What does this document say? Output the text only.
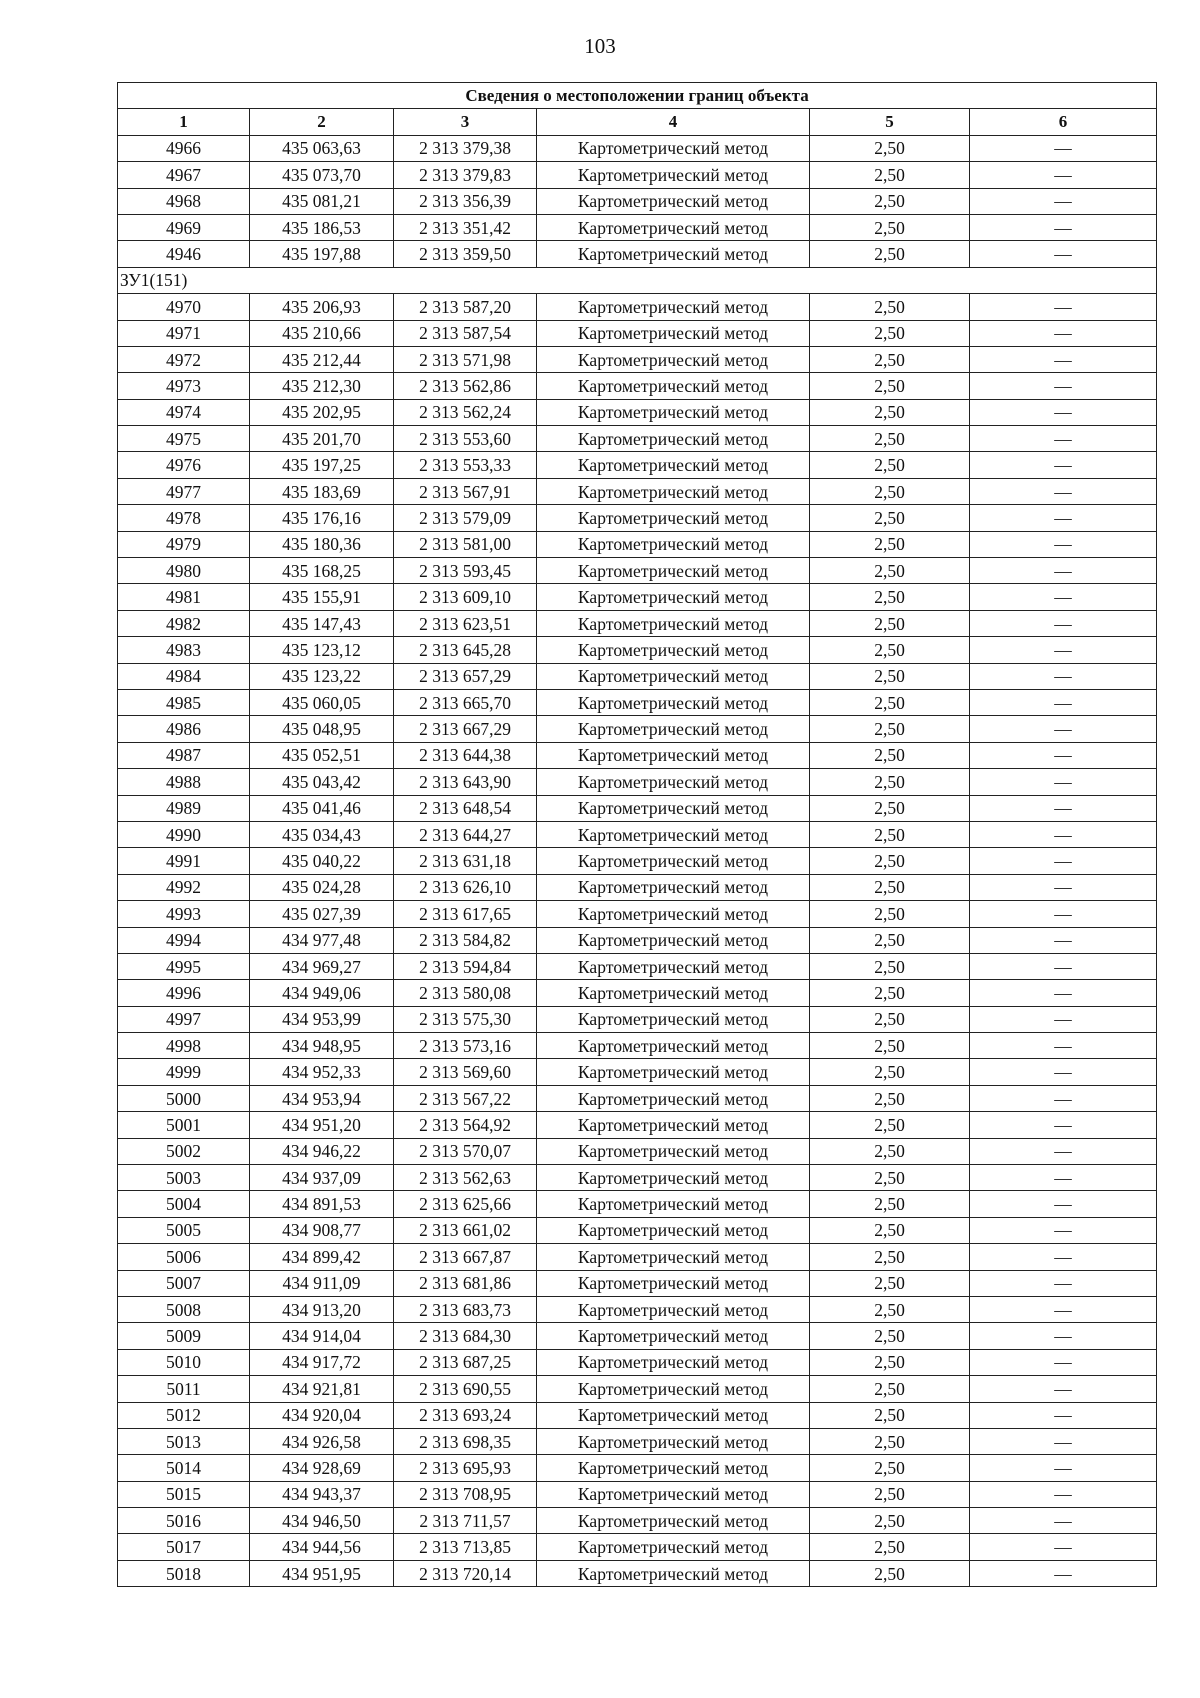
103
Сведения о местоположении границ объекта					
1	2	3	4	5	6
4966	435 063,63	2 313 379,38	Картометрический метод	2,50	—
4967	435 073,70	2 313 379,83	Картометрический метод	2,50	—
4968	435 081,21	2 313 356,39	Картометрический метод	2,50	—
4969	435 186,53	2 313 351,42	Картометрический метод	2,50	—
4946	435 197,88	2 313 359,50	Картометрический метод	2,50	—
ЗУ1(151)					
4970	435 206,93	2 313 587,20	Картометрический метод	2,50	—
4971	435 210,66	2 313 587,54	Картометрический метод	2,50	—
4972	435 212,44	2 313 571,98	Картометрический метод	2,50	—
4973	435 212,30	2 313 562,86	Картометрический метод	2,50	—
4974	435 202,95	2 313 562,24	Картометрический метод	2,50	—
4975	435 201,70	2 313 553,60	Картометрический метод	2,50	—
4976	435 197,25	2 313 553,33	Картометрический метод	2,50	—
4977	435 183,69	2 313 567,91	Картометрический метод	2,50	—
4978	435 176,16	2 313 579,09	Картометрический метод	2,50	—
4979	435 180,36	2 313 581,00	Картометрический метод	2,50	—
4980	435 168,25	2 313 593,45	Картометрический метод	2,50	—
4981	435 155,91	2 313 609,10	Картометрический метод	2,50	—
4982	435 147,43	2 313 623,51	Картометрический метод	2,50	—
4983	435 123,12	2 313 645,28	Картометрический метод	2,50	—
4984	435 123,22	2 313 657,29	Картометрический метод	2,50	—
4985	435 060,05	2 313 665,70	Картометрический метод	2,50	—
4986	435 048,95	2 313 667,29	Картометрический метод	2,50	—
4987	435 052,51	2 313 644,38	Картометрический метод	2,50	—
4988	435 043,42	2 313 643,90	Картометрический метод	2,50	—
4989	435 041,46	2 313 648,54	Картометрический метод	2,50	—
4990	435 034,43	2 313 644,27	Картометрический метод	2,50	—
4991	435 040,22	2 313 631,18	Картометрический метод	2,50	—
4992	435 024,28	2 313 626,10	Картометрический метод	2,50	—
4993	435 027,39	2 313 617,65	Картометрический метод	2,50	—
4994	434 977,48	2 313 584,82	Картометрический метод	2,50	—
4995	434 969,27	2 313 594,84	Картометрический метод	2,50	—
4996	434 949,06	2 313 580,08	Картометрический метод	2,50	—
4997	434 953,99	2 313 575,30	Картометрический метод	2,50	—
4998	434 948,95	2 313 573,16	Картометрический метод	2,50	—
4999	434 952,33	2 313 569,60	Картометрический метод	2,50	—
5000	434 953,94	2 313 567,22	Картометрический метод	2,50	—
5001	434 951,20	2 313 564,92	Картометрический метод	2,50	—
5002	434 946,22	2 313 570,07	Картометрический метод	2,50	—
5003	434 937,09	2 313 562,63	Картометрический метод	2,50	—
5004	434 891,53	2 313 625,66	Картометрический метод	2,50	—
5005	434 908,77	2 313 661,02	Картометрический метод	2,50	—
5006	434 899,42	2 313 667,87	Картометрический метод	2,50	—
5007	434 911,09	2 313 681,86	Картометрический метод	2,50	—
5008	434 913,20	2 313 683,73	Картометрический метод	2,50	—
5009	434 914,04	2 313 684,30	Картометрический метод	2,50	—
5010	434 917,72	2 313 687,25	Картометрический метод	2,50	—
5011	434 921,81	2 313 690,55	Картометрический метод	2,50	—
5012	434 920,04	2 313 693,24	Картометрический метод	2,50	—
5013	434 926,58	2 313 698,35	Картометрический метод	2,50	—
5014	434 928,69	2 313 695,93	Картометрический метод	2,50	—
5015	434 943,37	2 313 708,95	Картометрический метод	2,50	—
5016	434 946,50	2 313 711,57	Картометрический метод	2,50	—
5017	434 944,56	2 313 713,85	Картометрический метод	2,50	—
5018	434 951,95	2 313 720,14	Картометрический метод	2,50	—
